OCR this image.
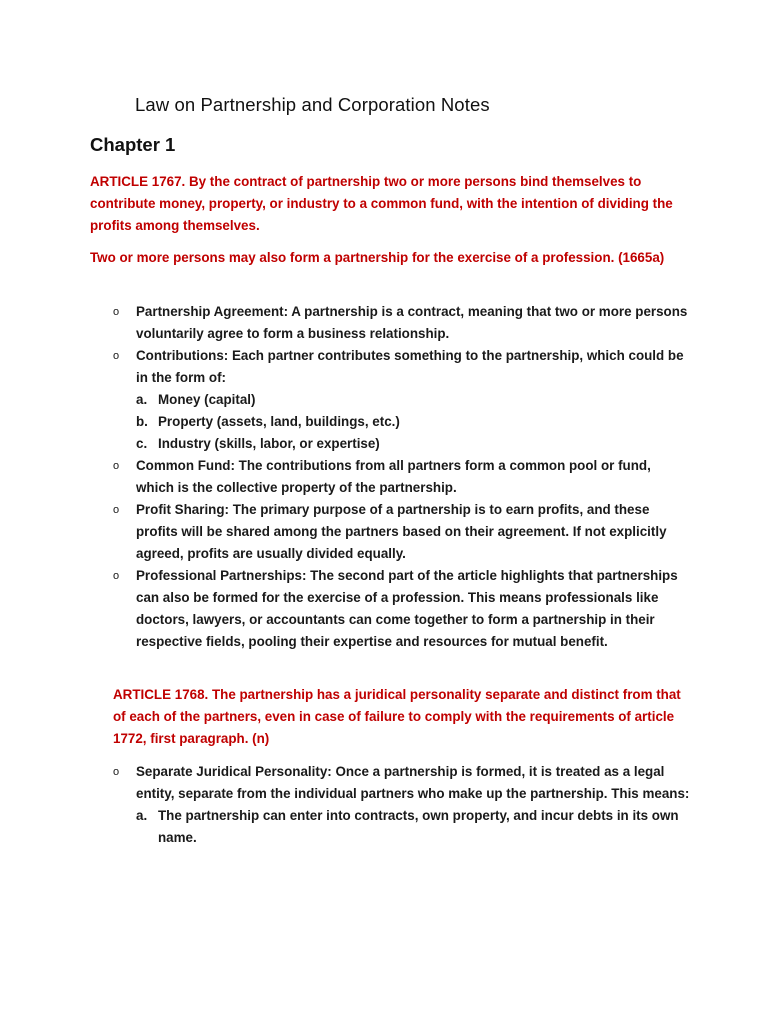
Law on Partnership and Corporation Notes
Chapter 1
ARTICLE 1767. By the contract of partnership two or more persons bind themselves to contribute money, property, or industry to a common fund, with the intention of dividing the profits among themselves.
Two or more persons may also form a partnership for the exercise of a profession. (1665a)
o Partnership Agreement: A partnership is a contract, meaning that two or more persons voluntarily agree to form a business relationship.
o Contributions: Each partner contributes something to the partnership, which could be in the form of:
a. Money (capital)
b. Property (assets, land, buildings, etc.)
c. Industry (skills, labor, or expertise)
o Common Fund: The contributions from all partners form a common pool or fund, which is the collective property of the partnership.
o Profit Sharing: The primary purpose of a partnership is to earn profits, and these profits will be shared among the partners based on their agreement. If not explicitly agreed, profits are usually divided equally.
o Professional Partnerships: The second part of the article highlights that partnerships can also be formed for the exercise of a profession. This means professionals like doctors, lawyers, or accountants can come together to form a partnership in their respective fields, pooling their expertise and resources for mutual benefit.
ARTICLE 1768. The partnership has a juridical personality separate and distinct from that of each of the partners, even in case of failure to comply with the requirements of article 1772, first paragraph. (n)
o Separate Juridical Personality: Once a partnership is formed, it is treated as a legal entity, separate from the individual partners who make up the partnership. This means:
a. The partnership can enter into contracts, own property, and incur debts in its own name.
